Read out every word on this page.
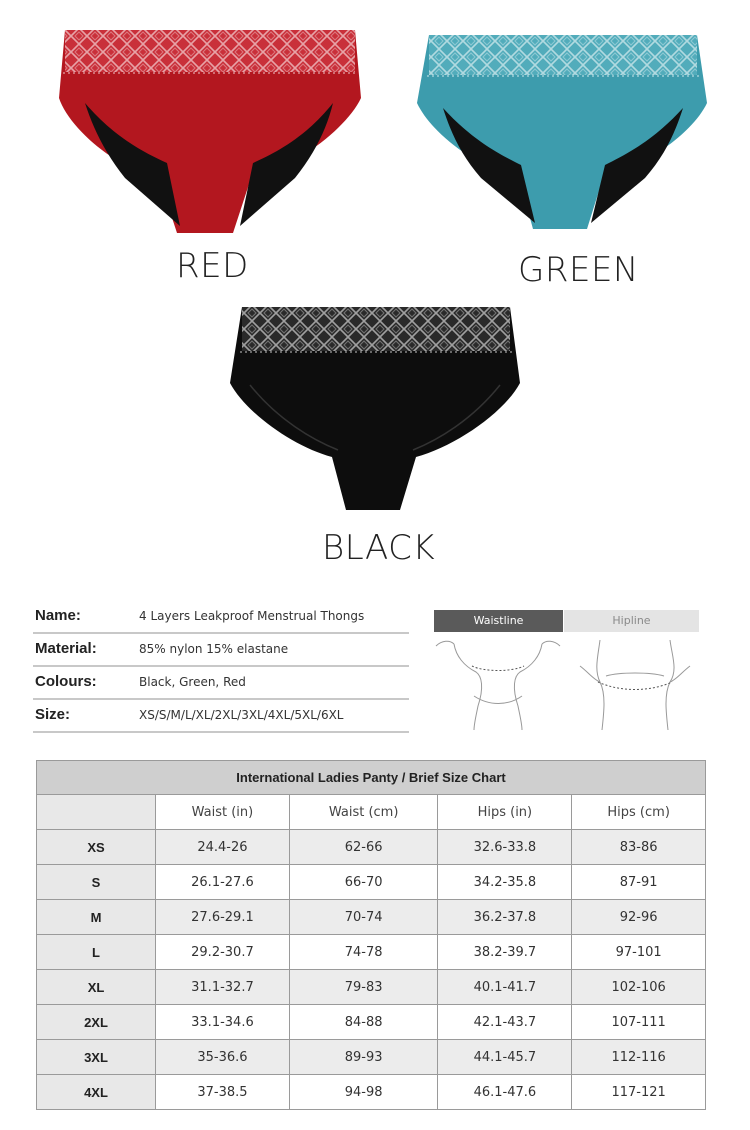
RED	GREEN
BLACK
Name:	4 Layers Leakproof Menstrual Thongs
Material:	85% nylon 15% elastane
Colours:	Black, Green, Red
Size:	XS/S/M/L/XL/2XL/3XL/4XL/5XL/6XL
Waistline	Hipline
International Ladies Panty / Brief Size Chart				
	Waist (in)	Waist (cm)	Hips (in)	Hips (cm)
XS	24.4-26	62-66	32.6-33.8	83-86
S	26.1-27.6	66-70	34.2-35.8	87-91
M	27.6-29.1	70-74	36.2-37.8	92-96
L	29.2-30.7	74-78	38.2-39.7	97-101
XL	31.1-32.7	79-83	40.1-41.7	102-106
2XL	33.1-34.6	84-88	42.1-43.7	107-111
3XL	35-36.6	89-93	44.1-45.7	112-116
4XL	37-38.5	94-98	46.1-47.6	117-121
